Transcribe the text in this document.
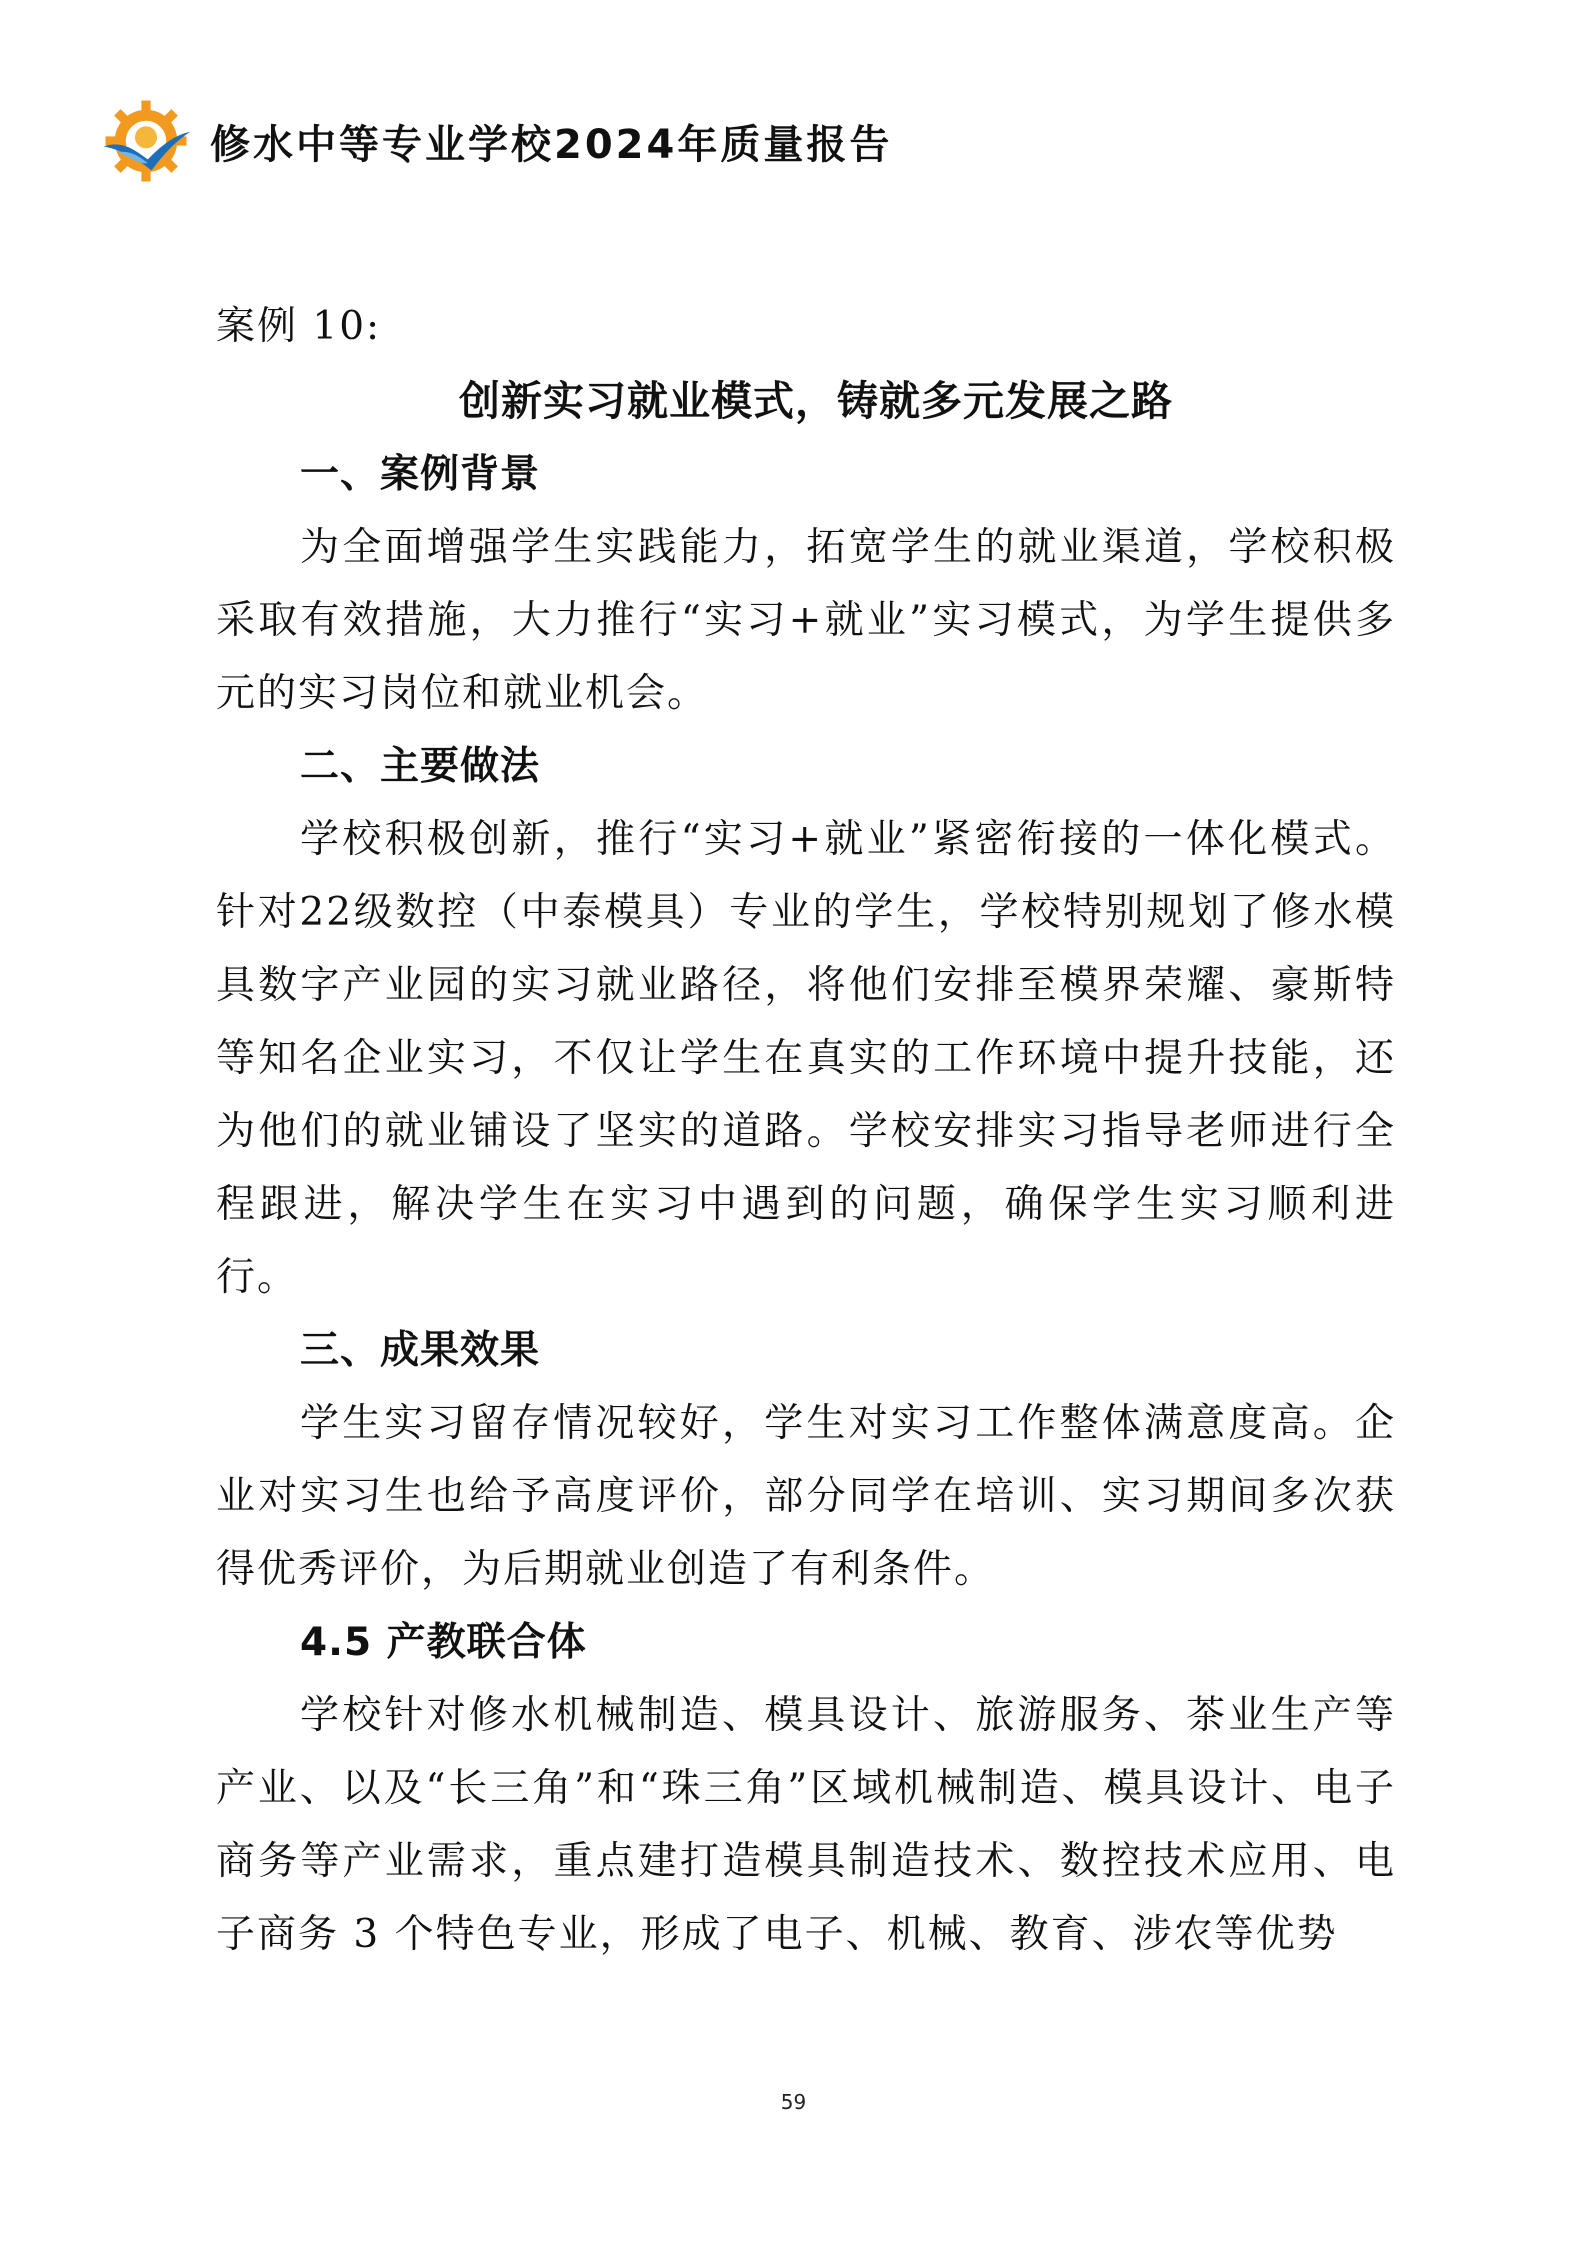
修水中等专业学校2024年质量报告
案例 10:
创新实习就业模式，铸就多元发展之路
一、案例背景

为全面增强学生实践能力，拓宽学生的就业渠道，学校积极采取有效措施，大力推行“实习+就业”实习模式，为学生提供多元的实习岗位和就业机会。

二、主要做法

学校积极创新，推行“实习+就业”紧密衔接的一体化模式。针对22级数控（中泰模具）专业的学生，学校特别规划了修水模具数字产业园的实习就业路径，将他们安排至模界荣耀、豪斯特等知名企业实习，不仅让学生在真实的工作环境中提升技能，还为他们的就业铺设了坚实的道路。学校安排实习指导老师进行全程跟进，解决学生在实习中遇到的问题，确保学生实习顺利进行。

三、成果效果

学生实习留存情况较好，学生对实习工作整体满意度高。企业对实习生也给予高度评价，部分同学在培训、实习期间多次获得优秀评价，为后期就业创造了有利条件。

4.5 产教联合体

学校针对修水机械制造、模具设计、旅游服务、茶业生产等产业、以及“长三角”和“珠三角”区域机械制造、模具设计、电子商务等产业需求，重点建打造模具制造技术、数控技术应用、电子商务 3 个特色专业，形成了电子、机械、教育、涉农等优势

59
